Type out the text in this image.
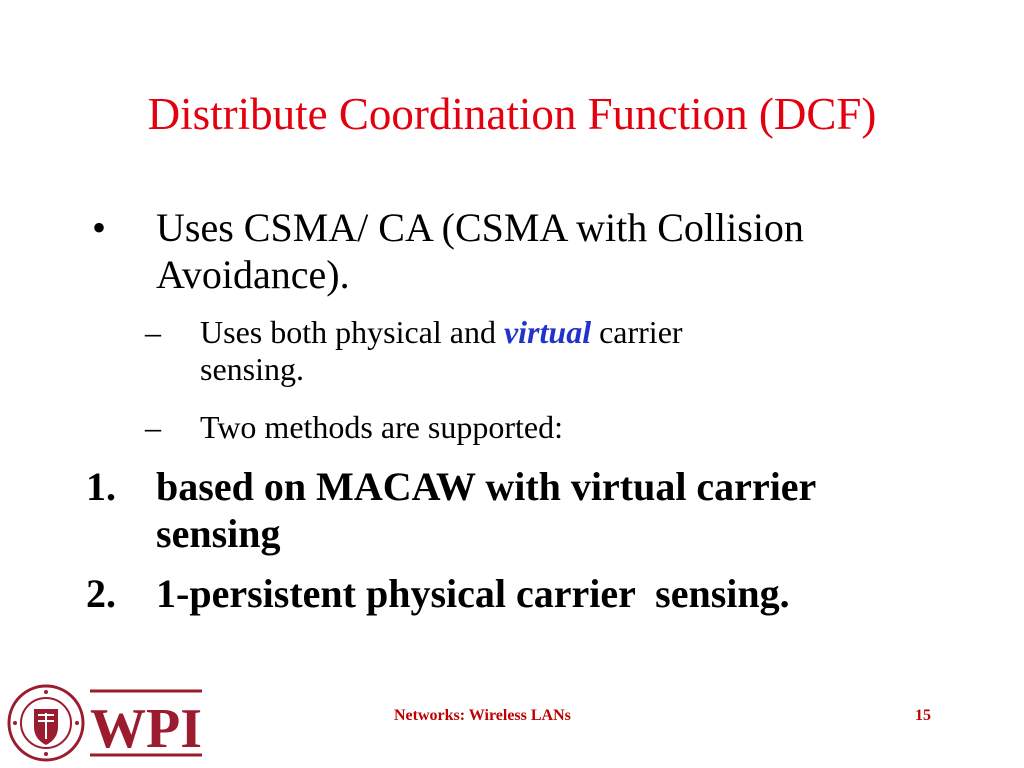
Distribute Coordination Function (DCF)
• Uses CSMA/ CA (CSMA with Collision
Avoidance).
– Uses both physical and virtual carrier
sensing.
– Two methods are supported:
1. based on MACAW with virtual carrier
sensing
2. 1-persistent physical carrier  sensing.
WPI	Networks: Wireless LANs	15
